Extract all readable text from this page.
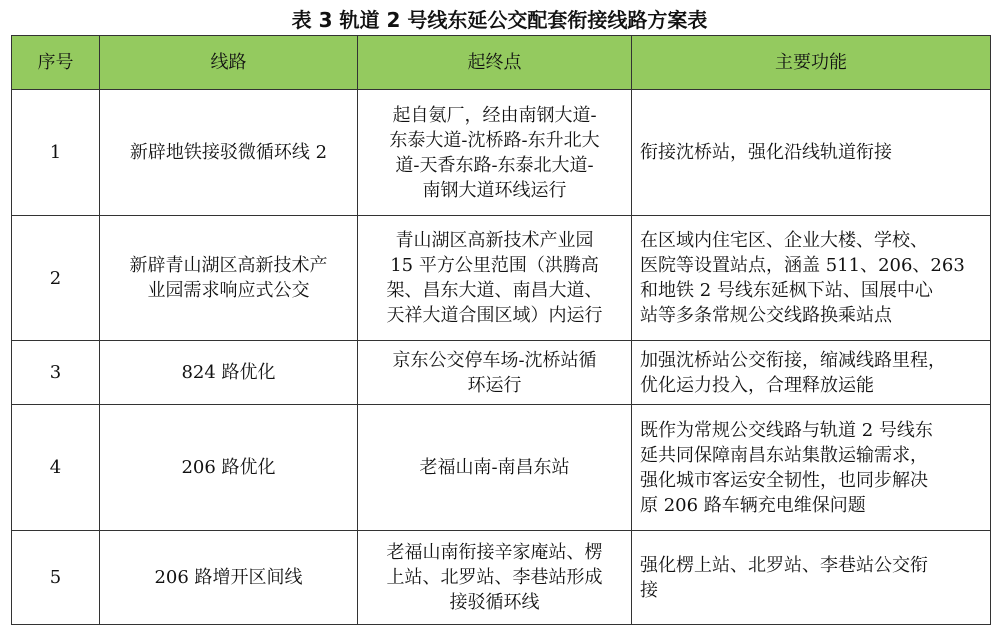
表 3 轨道 2 号线东延公交配套衔接线路方案表
序号	线路	起终点	主要功能
1	新辟地铁接驳微循环线 2	起自氨厂，经由南钢大道-
东泰大道-沈桥路-东升北大
道-天香东路-东泰北大道-
南钢大道环线运行	衔接沈桥站，强化沿线轨道衔接

2	新辟青山湖区高新技术产
业园需求响应式公交	青山湖区高新技术产业园
15 平方公里范围（洪腾高
架、昌东大道、南昌大道、
天祥大道合围区域）内运行	在区域内住宅区、企业大楼、学校、
医院等设置站点，涵盖 511、206、263
和地铁 2 号线东延枫下站、国展中心
站等多条常规公交线路换乘站点

3	824 路优化	京东公交停车场-沈桥站循
环运行	加强沈桥站公交衔接，缩减线路里程，
优化运力投入，合理释放运能

4	206 路优化	老福山南-南昌东站	既作为常规公交线路与轨道 2 号线东
延共同保障南昌东站集散运输需求，
强化城市客运安全韧性，也同步解决
原 206 路车辆充电维保问题

5	206 路增开区间线	老福山南衔接辛家庵站、楞
上站、北罗站、李巷站形成
接驳循环线	强化楞上站、北罗站、李巷站公交衔
接
